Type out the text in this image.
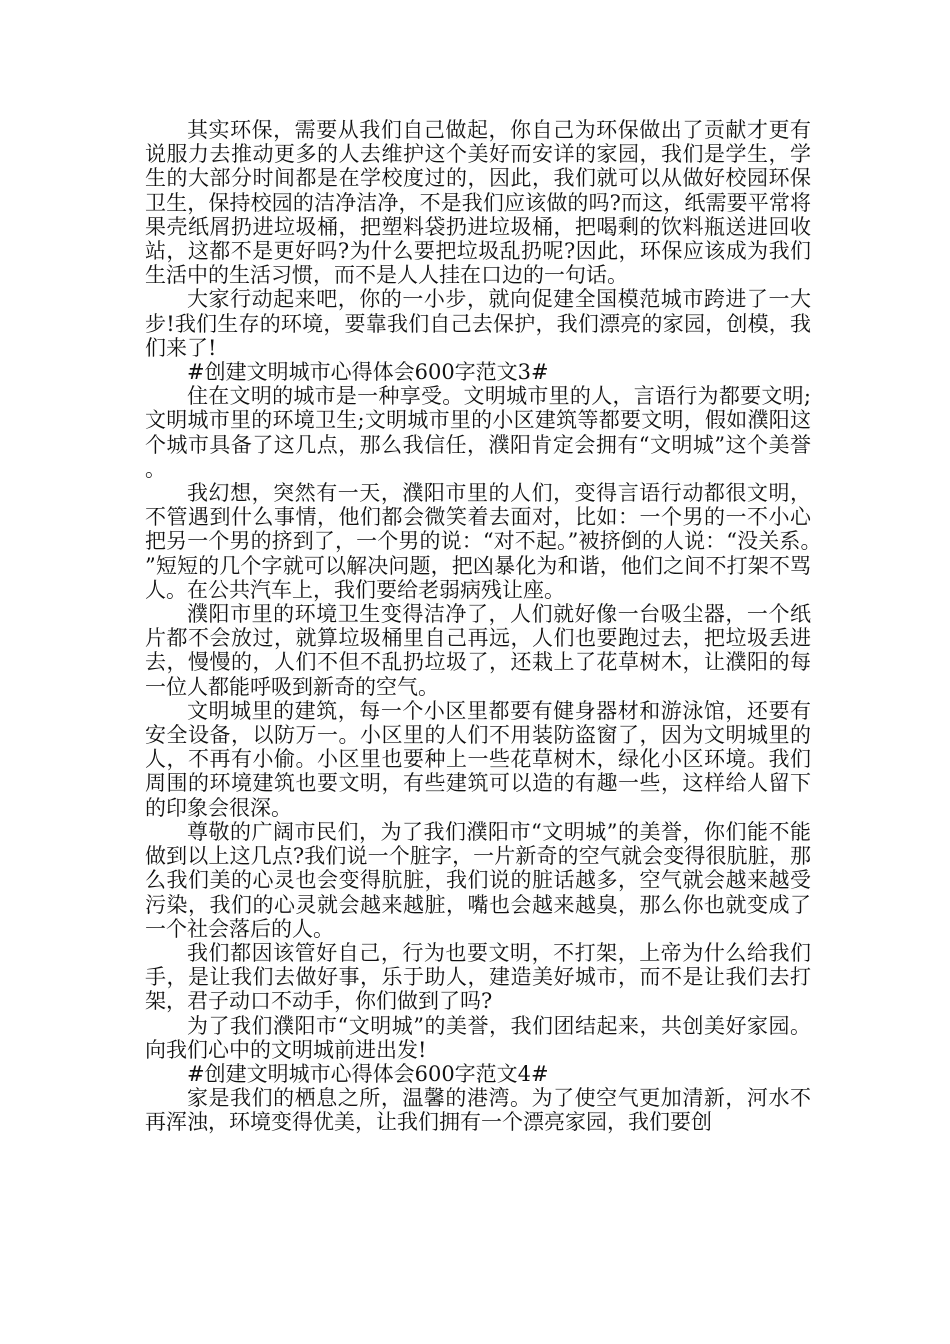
其实环保，需要从我们自己做起，你自己为环保做出了贡献才更有说服力去推动更多的人去维护这个美好而安详的家园，我们是学生，学生的大部分时间都是在学校度过的，因此，我们就可以从做好校园环保卫生，保持校园的洁净洁净，不是我们应该做的吗?而这，纸需要平常将果壳纸屑扔进垃圾桶，把塑料袋扔进垃圾桶，把喝剩的饮料瓶送进回收站，这都不是更好吗?为什么要把垃圾乱扔呢?因此，环保应该成为我们生活中的生活习惯，而不是人人挂在口边的一句话。

大家行动起来吧，你的一小步，就向促建全国模范城市跨进了一大步!我们生存的环境，要靠我们自己去保护，我们漂亮的家园，创模，我们来了!

#创建文明城市心得体会600字范文3#

住在文明的城市是一种享受。文明城市里的人，言语行为都要文明;文明城市里的环境卫生;文明城市里的小区建筑等都要文明，假如濮阳这个城市具备了这几点，那么我信任，濮阳肯定会拥有“文明城”这个美誉。

我幻想，突然有一天，濮阳市里的人们，变得言语行动都很文明，不管遇到什么事情，他们都会微笑着去面对，比如：一个男的一不小心把另一个男的挤到了，一个男的说：“对不起。”被挤倒的人说：“没关系。”短短的几个字就可以解决问题，把凶暴化为和谐，他们之间不打架不骂人。在公共汽车上，我们要给老弱病残让座。

濮阳市里的环境卫生变得洁净了，人们就好像一台吸尘器，一个纸片都不会放过，就算垃圾桶里自己再远，人们也要跑过去，把垃圾丢进去，慢慢的，人们不但不乱扔垃圾了，还栽上了花草树木，让濮阳的每一位人都能呼吸到新奇的空气。

文明城里的建筑，每一个小区里都要有健身器材和游泳馆，还要有安全设备，以防万一。小区里的人们不用装防盗窗了，因为文明城里的人，不再有小偷。小区里也要种上一些花草树木，绿化小区环境。我们周围的环境建筑也要文明，有些建筑可以造的有趣一些，这样给人留下的印象会很深。

尊敬的广阔市民们，为了我们濮阳市“文明城”的美誉，你们能不能做到以上这几点?我们说一个脏字，一片新奇的空气就会变得很肮脏，那么我们美的心灵也会变得肮脏，我们说的脏话越多，空气就会越来越受污染，我们的心灵就会越来越脏，嘴也会越来越臭，那么你也就变成了一个社会落后的人。

我们都因该管好自己，行为也要文明，不打架，上帝为什么给我们手，是让我们去做好事，乐于助人，建造美好城市，而不是让我们去打架，君子动口不动手，你们做到了吗?

为了我们濮阳市“文明城”的美誉，我们团结起来，共创美好家园。向我们心中的文明城前进出发!

#创建文明城市心得体会600字范文4#

家是我们的栖息之所，温馨的港湾。为了使空气更加清新，河水不再浑浊，环境变得优美，让我们拥有一个漂亮家园，我们要创
